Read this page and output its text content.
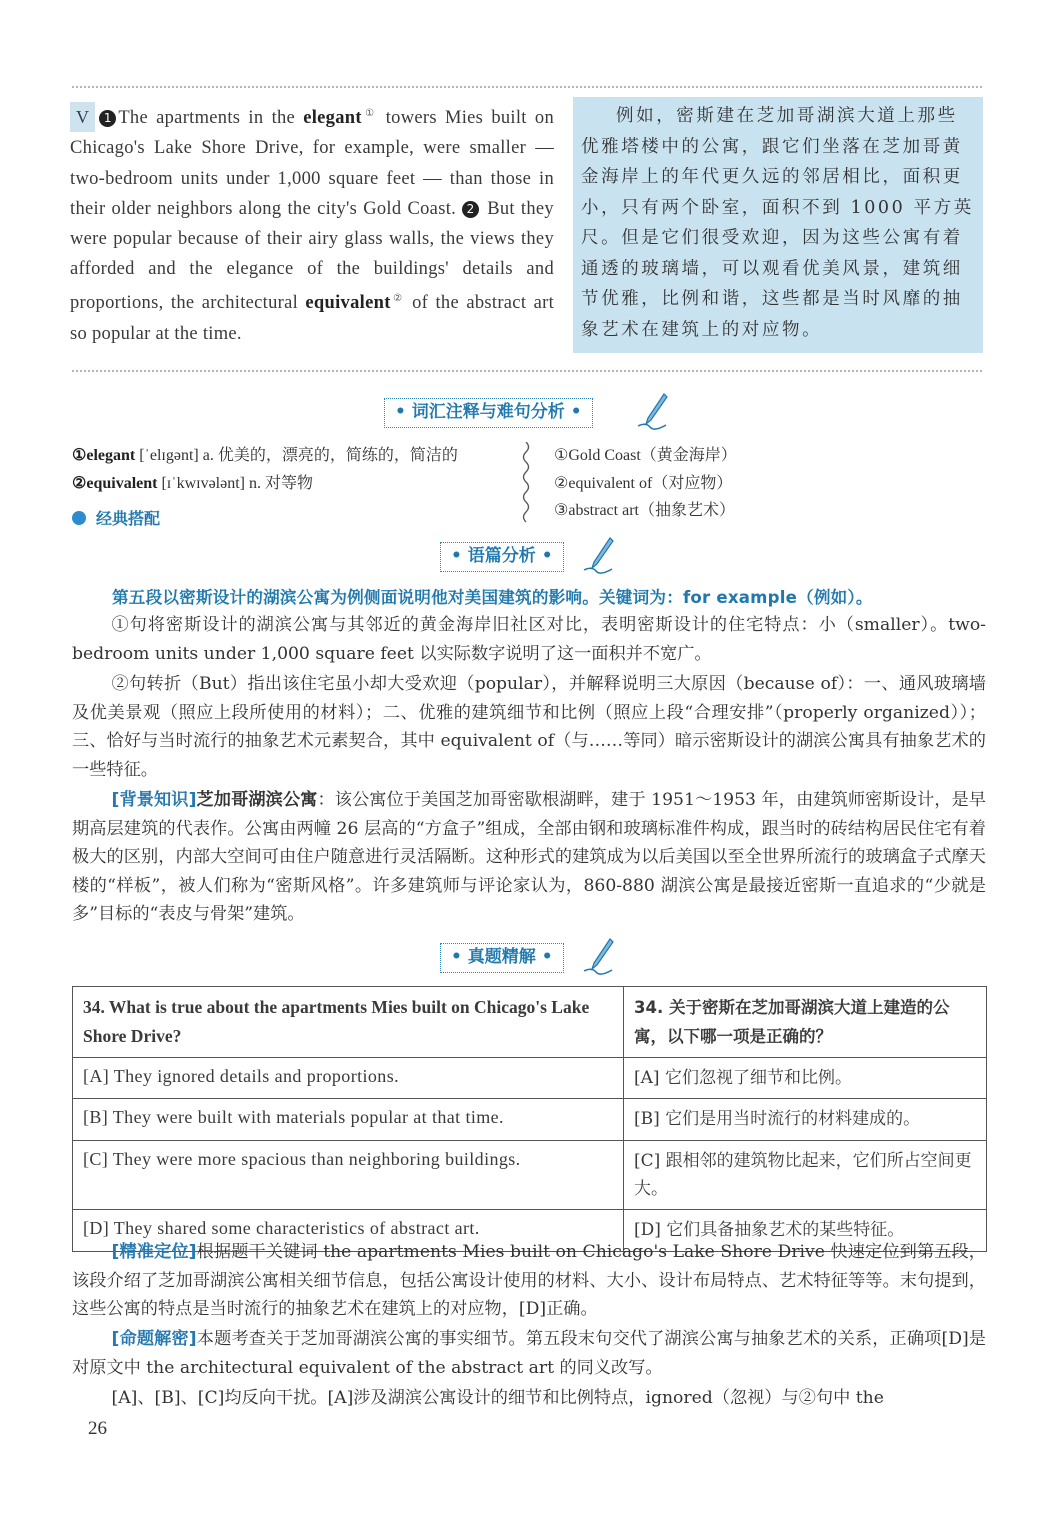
V 1 The apartments in the elegant① towers Mies built on Chicago's Lake Shore Drive, for example, were smaller — two-bedroom units under 1,000 square feet — than those in their older neighbors along the city's Gold Coast. 2 But they were popular because of their airy glass walls, the views they afforded and the elegance of the buildings' details and proportions, the architectural equivalent② of the abstract art so popular at the time.
例如，密斯建在芝加哥湖滨大道上那些优雅塔楼中的公寓，跟它们坐落在芝加哥黄金海岸上的年代更久远的邻居相比，面积更小，只有两个卧室，面积不到 1000 平方英尺。但是它们很受欢迎，因为这些公寓有着通透的玻璃墙，可以观看优美风景，建筑细节优雅，比例和谐，这些都是当时风靡的抽象艺术在建筑上的对应物。
• 词汇注释与难句分析 •
①elegant [ˈelɪgənt] a. 优美的，漂亮的，简练的，简洁的
②equivalent [ɪˈkwɪvələnt] n. 对等物
经典搭配
①Gold Coast（黄金海岸）
②equivalent of（对应物）
③abstract art（抽象艺术）
• 语篇分析 •
第五段以密斯设计的湖滨公寓为例侧面说明他对美国建筑的影响。关键词为：for example（例如）。
①句将密斯设计的湖滨公寓与其邻近的黄金海岸旧社区对比，表明密斯设计的住宅特点：小（smaller）。two-bedroom units under 1,000 square feet 以实际数字说明了这一面积并不宽广。
②句转折（But）指出该住宅虽小却大受欢迎（popular），并解释说明三大原因（because of）：一、通风玻璃墙及优美景观（照应上段所使用的材料）；二、优雅的建筑细节和比例（照应上段“合理安排”（properly organized））；三、恰好与当时流行的抽象艺术元素契合，其中 equivalent of（与……等同）暗示密斯设计的湖滨公寓具有抽象艺术的一些特征。
[背景知识]芝加哥湖滨公寓：该公寓位于美国芝加哥密歇根湖畔，建于 1951～1953 年，由建筑师密斯设计，是早期高层建筑的代表作。公寓由两幢 26 层高的“方盒子”组成，全部由钢和玻璃标准件构成，跟当时的砖结构居民住宅有着极大的区别，内部大空间可由住户随意进行灵活隔断。这种形式的建筑成为以后美国以至全世界所流行的玻璃盒子式摩天楼的“样板”，被人们称为“密斯风格”。许多建筑师与评论家认为，860-880 湖滨公寓是最接近密斯一直追求的“少就是多”目标的“表皮与骨架”建筑。
• 真题精解 •
34. What is true about the apartments Mies built on Chicago's Lake Shore Drive?	34. 关于密斯在芝加哥湖滨大道上建造的公寓，以下哪一项是正确的？
[A] They ignored details and proportions.	[A] 它们忽视了细节和比例。
[B] They were built with materials popular at that time.	[B] 它们是用当时流行的材料建成的。
[C] They were more spacious than neighboring buildings.	[C] 跟相邻的建筑物比起来，它们所占空间更大。
[D] They shared some characteristics of abstract art.	[D] 它们具备抽象艺术的某些特征。
[精准定位]根据题干关键词 the apartments Mies built on Chicago's Lake Shore Drive 快速定位到第五段，该段介绍了芝加哥湖滨公寓相关细节信息，包括公寓设计使用的材料、大小、设计布局特点、艺术特征等等。末句提到，这些公寓的特点是当时流行的抽象艺术在建筑上的对应物，[D]正确。
[命题解密]本题考查关于芝加哥湖滨公寓的事实细节。第五段末句交代了湖滨公寓与抽象艺术的关系，正确项[D]是对原文中 the architectural equivalent of the abstract art 的同义改写。
[A]、[B]、[C]均反向干扰。[A]涉及湖滨公寓设计的细节和比例特点，ignored（忽视）与②句中 the
26
